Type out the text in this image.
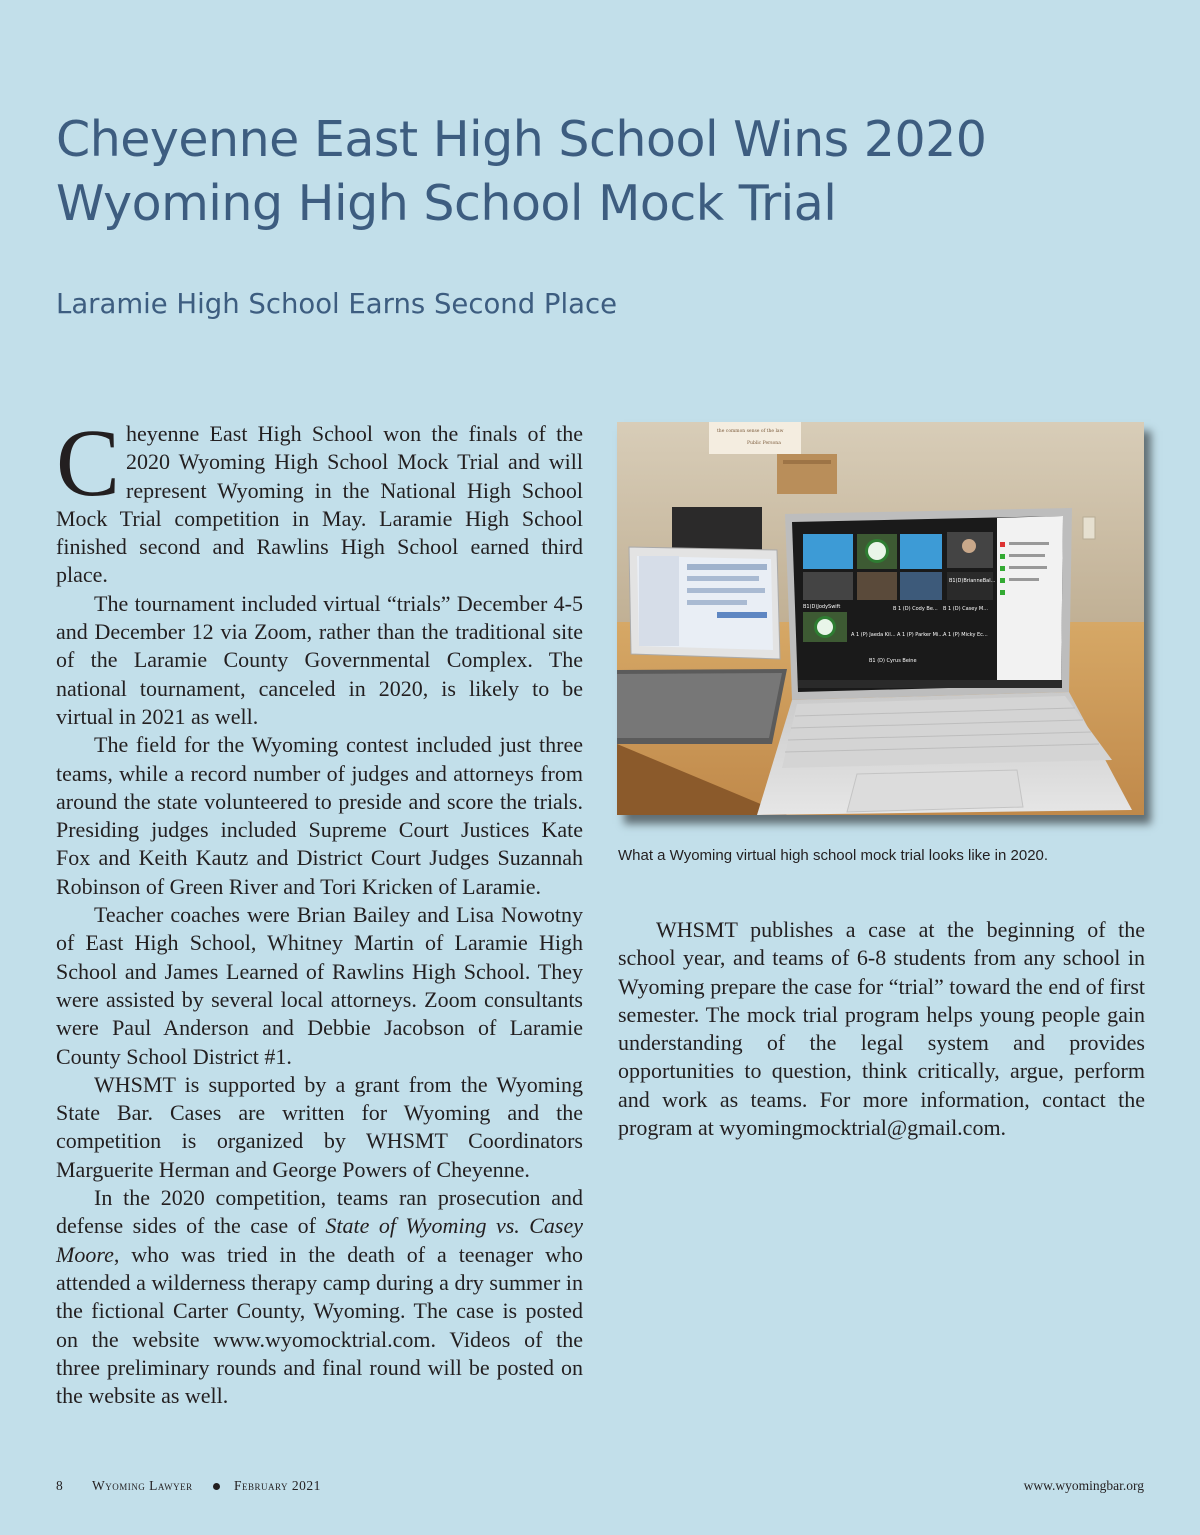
Cheyenne East High School Wins 2020 Wyoming High School Mock Trial
Laramie High School Earns Second Place

Cheyenne East High School won the finals of the 2020 Wyoming High School Mock Trial and will represent Wyoming in the National High School Mock Trial competition in May. Laramie High School finished second and Rawlins High School earned third place.

The tournament included virtual “trials” December 4-5 and December 12 via Zoom, rather than the traditional site of the Laramie County Governmental Complex. The national tournament, canceled in 2020, is likely to be virtual in 2021 as well.

The field for the Wyoming contest included just three teams, while a record number of judges and attorneys from around the state volunteered to preside and score the trials. Presiding judges included Supreme Court Justices Kate Fox and Keith Kautz and District Court Judges Suzannah Robinson of Green River and Tori Kricken of Laramie.

Teacher coaches were Brian Bailey and Lisa Nowotny of East High School, Whitney Martin of Laramie High School and James Learned of Rawlins High School. They were assisted by several local attorneys. Zoom consultants were Paul Anderson and Debbie Jacobson of Laramie County School District #1.

WHSMT is supported by a grant from the Wyoming State Bar. Cases are written for Wyoming and the competition is organized by WHSMT Coordinators Marguerite Herman and George Powers of Cheyenne.

In the 2020 competition, teams ran prosecution and defense sides of the case of State of Wyoming vs. Casey Moore, who was tried in the death of a teenager who attended a wilderness therapy camp during a dry summer in the fictional Carter County, Wyoming. The case is posted on the website www.wyomocktrial.com. Videos of the three preliminary rounds and final round will be posted on the website as well.

the common sense of the law
Public Persona
B1(D)BrianneBal...
B1(D)JodySwift	B 1 (D) Cody Be... B 1 (D) Casey M...
A 1 (P) Jaeda Kil... A 1 (P) Parker Mi... A 1 (P) Micky Ec...
B1 (D) Cyrus Beine
What a Wyoming virtual high school mock trial looks like in 2020.

WHSMT publishes a case at the beginning of the school year, and teams of 6-8 students from any school in Wyoming prepare the case for “trial” toward the end of first semester. The mock trial program helps young people gain understanding of the legal system and provides opportunities to question, think critically, argue, perform and work as teams. For more information, contact the program at wyomingmocktrial@gmail.com.

8 Wyoming Lawyer	February 2021	www.wyomingbar.org
